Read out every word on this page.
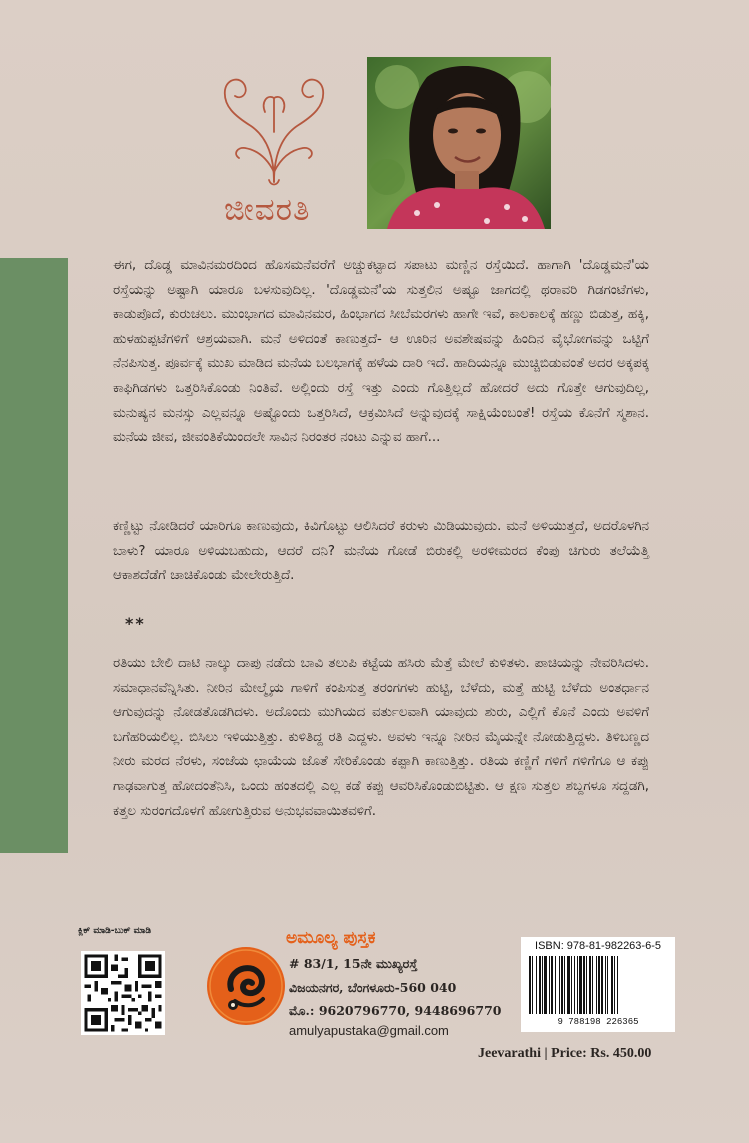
ಜೀವರತಿ

ಈಗ, ದೊಡ್ಡ ಮಾವಿನಮರದಿಂದ ಹೊಸಮನೆವರೆಗೆ ಅಚ್ಚುಕಟ್ಟಾದ ಸಪಾಟು ಮಣ್ಣಿನ ರಸ್ತೆಯಿದೆ. ಹಾಗಾಗಿ 'ದೊಡ್ಡಮನೆ'ಯ ರಸ್ತೆಯನ್ನು ಅಷ್ಟಾಗಿ ಯಾರೂ ಬಳಸುವುದಿಲ್ಲ. 'ದೊಡ್ಡಮನೆ'ಯ ಸುತ್ತಲಿನ ಅಷ್ಟೂ ಜಾಗದಲ್ಲಿ ಥರಾವರಿ ಗಿಡಗಂಟೆಗಳು, ಕಾಡುಪೊದೆ, ಕುರುಚಲು. ಮುಂಭಾಗದ ಮಾವಿನಮರ, ಹಿಂಭಾಗದ ಸೀಬೆಮರಗಳು ಹಾಗೇ ಇವೆ, ಕಾಲಕಾಲಕ್ಕೆ ಹಣ್ಣು ಬಿಡುತ್ತ, ಹಕ್ಕಿ, ಹುಳಹುಪ್ಪಟೆಗಳಿಗೆ ಆಶ್ರಯವಾಗಿ. ಮನೆ ಅಳಿದಂತೆ ಕಾಣುತ್ತದೆ- ಆ ಊರಿನ ಅವಶೇಷವನ್ನು ಹಿಂದಿನ ವೈಭೋಗವನ್ನು ಒಟ್ಟಿಗೆ ನೆನಪಿಸುತ್ತ. ಪೂರ್ವಕ್ಕೆ ಮುಖ ಮಾಡಿದ ಮನೆಯ ಬಲಭಾಗಕ್ಕೆ ಹಳೆಯ ದಾರಿ ಇದೆ. ಹಾದಿಯನ್ನೂ ಮುಚ್ಚಿಬಿಡುವಂತೆ ಅದರ ಅಕ್ಕಪಕ್ಕ ಕಾಫಿಗಿಡಗಳು ಒತ್ತರಿಸಿಕೊಂಡು ನಿಂತಿವೆ. ಅಲ್ಲಿಂದು ರಸ್ತೆ ಇತ್ತು ಎಂದು ಗೊತ್ತಿಲ್ಲದೆ ಹೋದರೆ ಅದು ಗೊತ್ತೇ ಆಗುವುದಿಲ್ಲ, ಮನುಷ್ಯನ ಮನಸ್ಸು ಎಲ್ಲವನ್ನೂ ಅಷ್ಟೊಂದು ಒತ್ತರಿಸಿದೆ, ಆಕ್ರಮಿಸಿದೆ ಅನ್ನುವುದಕ್ಕೆ ಸಾಕ್ಷಿಯೆಂಬಂತೆ! ರಸ್ತೆಯ ಕೊನೆಗೆ ಸ್ಮಶಾನ. ಮನೆಯ ಜೀವ, ಜೀವಂತಿಕೆಯಿಂದಲೇ ಸಾವಿನ ನಿರಂತರ ನಂಟು ಎನ್ನುವ ಹಾಗೆ...

ಕಣ್ಣಿಟ್ಟು ನೋಡಿದರೆ ಯಾರಿಗೂ ಕಾಣುವುದು, ಕಿವಿಗೊಟ್ಟು ಆಲಿಸಿದರೆ ಕರುಳು ಮಿಡಿಯುವುದು. ಮನೆ ಅಳಿಯುತ್ತದೆ, ಅದರೊಳಗಿನ ಬಾಳು? ಯಾರೂ ಅಳಿಯಬಹುದು, ಆದರೆ ದನಿ? ಮನೆಯ ಗೋಡೆ ಬಿರುಕಲ್ಲಿ ಅರಳೀಮರದ ಕೆಂಪು ಚಿಗುರು ತಲೆಯೆತ್ತಿ ಆಕಾಶದೆಡೆಗೆ ಚಾಚಿಕೊಂಡು ಮೇಲೇರುತ್ತಿದೆ.

**

ರತಿಯು ಬೇಲಿ ದಾಟಿ ನಾಲ್ಕು ದಾಪು ನಡೆದು ಬಾವಿ ತಲುಪಿ ಕಟ್ಟೆಯ ಹಸಿರು ಮೆತ್ತೆ ಮೇಲೆ ಕುಳಿತಳು. ಪಾಚಿಯನ್ನು ನೇವರಿಸಿದಳು. ಸಮಾಧಾನವೆನ್ನಿಸಿತು. ನೀರಿನ ಮೇಲ್ಮೈಯ ಗಾಳಿಗೆ ಕಂಪಿಸುತ್ತ ತರಂಗಗಳು ಹುಟ್ಟಿ, ಬೆಳೆದು, ಮತ್ತೆ ಹುಟ್ಟಿ ಬೆಳೆದು ಅಂತರ್ಧಾನ ಆಗುವುದನ್ನು ನೋಡತೊಡಗಿದಳು. ಅದೊಂದು ಮುಗಿಯದ ವರ್ತುಲವಾಗಿ ಯಾವುದು ಶುರು, ಎಲ್ಲಿಗೆ ಕೊನೆ ಎಂದು ಅವಳಿಗೆ ಬಗೆಹರಿಯಲಿಲ್ಲ. ಬಿಸಿಲು ಇಳಿಯುತ್ತಿತ್ತು. ಕುಳಿತಿದ್ದ ರತಿ ಎದ್ದಳು. ಅವಳು ಇನ್ನೂ ನೀರಿನ ಮೈಯನ್ನೇ ನೋಡುತ್ತಿದ್ದಳು. ತಿಳಿಬಣ್ಣದ ನೀರು ಮರದ ನೆರಳು, ಸಂಜೆಯ ಛಾಯೆಯ ಜೊತೆ ಸೇರಿಕೊಂಡು ಕಪ್ಪಾಗಿ ಕಾಣುತ್ತಿತ್ತು. ರತಿಯ ಕಣ್ಣಿಗೆ ಗಳಿಗೆ ಗಳಿಗೆಗೂ ಆ ಕಪ್ಪು ಗಾಢವಾಗುತ್ತ ಹೋದಂತೆನಿಸಿ, ಒಂದು ಹಂತದಲ್ಲಿ ಎಲ್ಲ ಕಡೆ ಕಪ್ಪು ಆವರಿಸಿಕೊಂಡುಬಿಟ್ಟಿತು. ಆ ಕ್ಷಣ ಸುತ್ತಲ ಶಬ್ದಗಳೂ ಸದ್ದಡಗಿ, ಕತ್ತಲ ಸುರಂಗದೊಳಗೆ ಹೋಗುತ್ತಿರುವ ಅನುಭವವಾಯಿತವಳಿಗೆ.

ಕ್ಲಿಕ್ ಮಾಡಿ-ಬುಕ್ ಮಾಡಿ	ಅಮೂಲ್ಯ ಪುಸ್ತಕ
# 83/1, 15ನೇ ಮುಖ್ಯರಸ್ತೆ
ವಿಜಯನಗರ, ಬೆಂಗಳೂರು-560 040
ಮೊ.: 9620796770, 9448696770
amulyapustaka@gmail.com
ISBN: 978-81-982263-6-5
9 788198 226365
Jeevarathi | Price: Rs. 450.00
